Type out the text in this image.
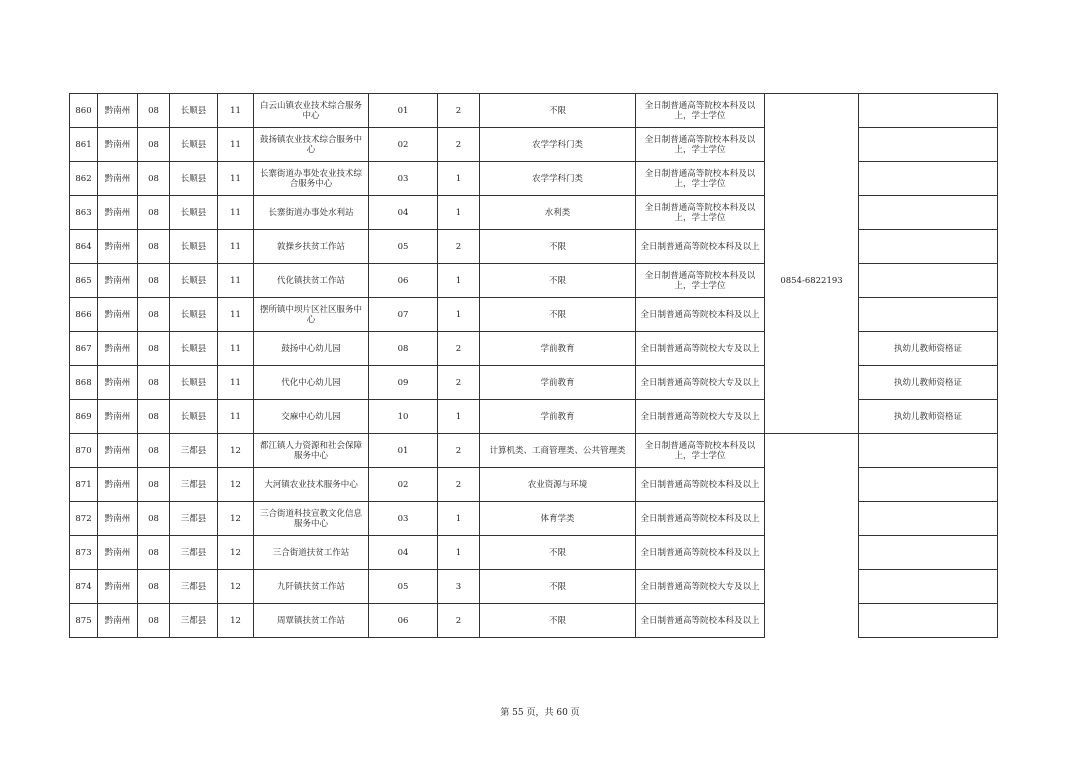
860	黔南州	08	长顺县	11	白云山镇农业技术综合服务中心	01	2	不限	全日制普通高等院校本科及以上，学士学位		
861	黔南州	08	长顺县	11	鼓扬镇农业技术综合服务中心	02	2	农学学科门类	全日制普通高等院校本科及以上，学士学位		
862	黔南州	08	长顺县	11	长寨街道办事处农业技术综合服务中心	03	1	农学学科门类	全日制普通高等院校本科及以上，学士学位		
863	黔南州	08	长顺县	11	长寨街道办事处水利站	04	1	水利类	全日制普通高等院校本科及以上，学士学位		
864	黔南州	08	长顺县	11	敦操乡扶贫工作站	05	2	不限	全日制普通高等院校本科及以上		
865	黔南州	08	长顺县	11	代化镇扶贫工作站	06	1	不限	全日制普通高等院校本科及以上，学士学位	0854-6822193	
866	黔南州	08	长顺县	11	摆所镇中坝片区社区服务中心	07	1	不限	全日制普通高等院校本科及以上		
867	黔南州	08	长顺县	11	鼓扬中心幼儿园	08	2	学前教育	全日制普通高等院校大专及以上		执幼儿教师资格证
868	黔南州	08	长顺县	11	代化中心幼儿园	09	2	学前教育	全日制普通高等院校大专及以上		执幼儿教师资格证
869	黔南州	08	长顺县	11	交麻中心幼儿园	10	1	学前教育	全日制普通高等院校大专及以上		执幼儿教师资格证
870	黔南州	08	三都县	12	都江镇人力资源和社会保障服务中心	01	2	计算机类、工商管理类、公共管理类	全日制普通高等院校本科及以上，学士学位		
871	黔南州	08	三都县	12	大河镇农业技术服务中心	02	2	农业资源与环境	全日制普通高等院校本科及以上		
872	黔南州	08	三都县	12	三合街道科技宣教文化信息服务中心	03	1	体育学类	全日制普通高等院校本科及以上		
873	黔南州	08	三都县	12	三合街道扶贫工作站	04	1	不限	全日制普通高等院校本科及以上		
874	黔南州	08	三都县	12	九阡镇扶贫工作站	05	3	不限	全日制普通高等院校大专及以上		
875	黔南州	08	三都县	12	周覃镇扶贫工作站	06	2	不限	全日制普通高等院校本科及以上		
第 55 页，共 60 页
